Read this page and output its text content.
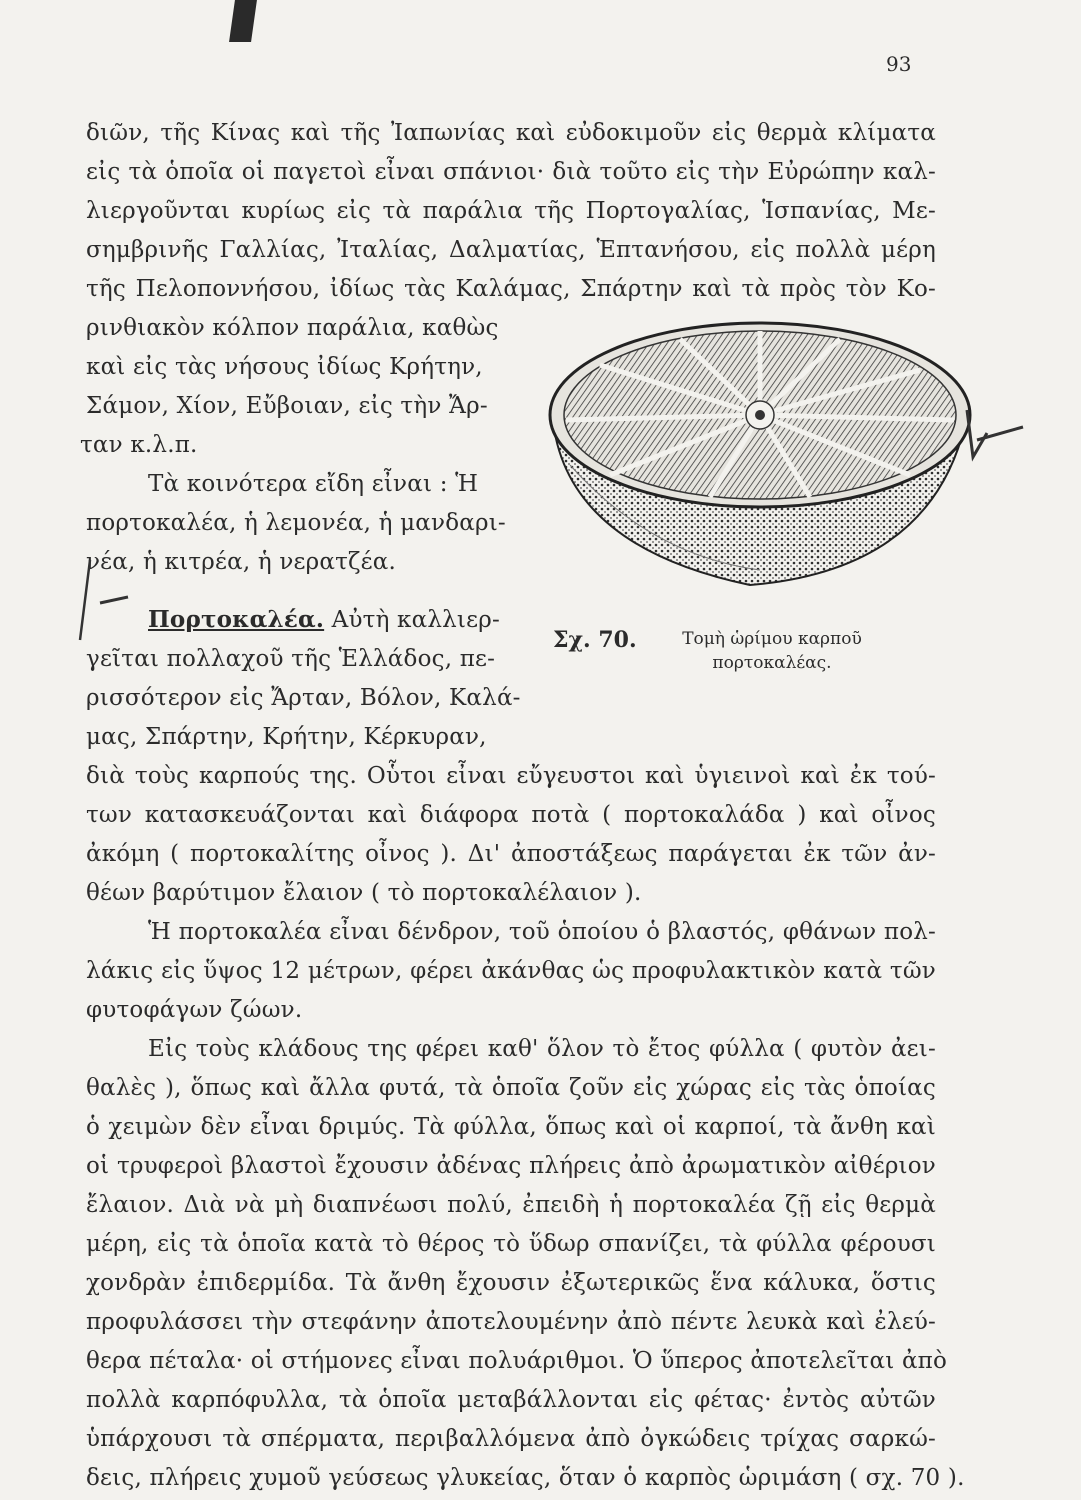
93
διῶν, τῆς Κίνας καὶ τῆς Ἰαπωνίας καὶ εὐδοκιμοῦν εἰς θερμὰ κλίματα
εἰς τὰ ὁποῖα οἱ παγετοὶ εἶναι σπάνιοι· διὰ τοῦτο εἰς τὴν Εὐρώπην καλ-
λιεργοῦνται κυρίως εἰς τὰ παράλια τῆς Πορτογαλίας, Ἱσπανίας, Με-
σημβρινῆς Γαλλίας, Ἰταλίας, Δαλματίας, Ἑπτανήσου, εἰς πολλὰ μέρη
τῆς Πελοποννήσου, ἰδίως τὰς Καλάμας, Σπάρτην καὶ τὰ πρὸς τὸν Κο-
ρινθιακὸν κόλπον παράλια, καθὼς
καὶ εἰς τὰς νήσους ἰδίως Κρήτην,
Σάμον, Χίον, Εὔβοιαν, εἰς τὴν Ἄρ-
ταν κ.λ.π.
Τὰ κοινότερα εἴδη εἶναι : Ἡ
πορτοκαλέα, ἡ λεμονέα, ἡ μανδαρι-
νέα, ἡ κιτρέα, ἡ νερατζέα.
Πορτοκαλέα. Αὐτὴ καλλιερ-
γεῖται πολλαχοῦ τῆς Ἑλλάδος, πε-
ρισσότερον εἰς Ἄρταν, Βόλον, Καλά-
μας, Σπάρτην, Κρήτην, Κέρκυραν,
διὰ τοὺς καρπούς της. Οὗτοι εἶναι εὔγευστοι καὶ ὑγιεινοὶ καὶ ἐκ τού-
των κατασκευάζονται καὶ διάφορα ποτὰ ( πορτοκαλάδα ) καὶ οἶνος
ἀκόμη ( πορτοκαλίτης οἶνος ). Δι' ἀποστάξεως παράγεται ἐκ τῶν ἀν-
θέων βαρύτιμον ἔλαιον ( τὸ πορτοκαλέλαιον ).
Ἡ πορτοκαλέα εἶναι δένδρον, τοῦ ὁποίου ὁ βλαστός, φθάνων πολ-
λάκις εἰς ὕψος 12 μέτρων, φέρει ἀκάνθας ὡς προφυλακτικὸν κατὰ τῶν
φυτοφάγων ζώων.
Εἰς τοὺς κλάδους της φέρει καθ' ὅλον τὸ ἔτος φύλλα ( φυτὸν ἀει-
θαλὲς ), ὅπως καὶ ἄλλα φυτά, τὰ ὁποῖα ζοῦν εἰς χώρας εἰς τὰς ὁποίας
ὁ χειμὼν δὲν εἶναι δριμύς. Τὰ φύλλα, ὅπως καὶ οἱ καρποί, τὰ ἄνθη καὶ
οἱ τρυφεροὶ βλαστοὶ ἔχουσιν ἀδένας πλήρεις ἀπὸ ἀρωματικὸν αἰθέριον
ἔλαιον. Διὰ νὰ μὴ διαπνέωσι πολύ, ἐπειδὴ ἡ πορτοκαλέα ζῇ εἰς θερμὰ
μέρη, εἰς τὰ ὁποῖα κατὰ τὸ θέρος τὸ ὕδωρ σπανίζει, τὰ φύλλα φέρουσι
χονδρὰν ἐπιδερμίδα. Τὰ ἄνθη ἔχουσιν ἐξωτερικῶς ἕνα κάλυκα, ὅστις
προφυλάσσει τὴν στεφάνην ἀποτελουμένην ἀπὸ πέντε λευκὰ καὶ ἐλεύ-
θερα πέταλα· οἱ στήμονες εἶναι πολυάριθμοι. Ὁ ὕπερος ἀποτελεῖται ἀπὸ
πολλὰ καρπόφυλλα, τὰ ὁποῖα μεταβάλλονται εἰς φέτας· ἐντὸς αὐτῶν
ὑπάρχουσι τὰ σπέρματα, περιβαλλόμενα ἀπὸ ὀγκώδεις τρίχας σαρκώ-
δεις, πλήρεις χυμοῦ γεύσεως γλυκείας, ὅταν ὁ καρπὸς ὡριμάση ( σχ. 70 ).
Σχ. 70.	Τομὴ ὡρίμου καρποῦ πορτοκαλέας.
